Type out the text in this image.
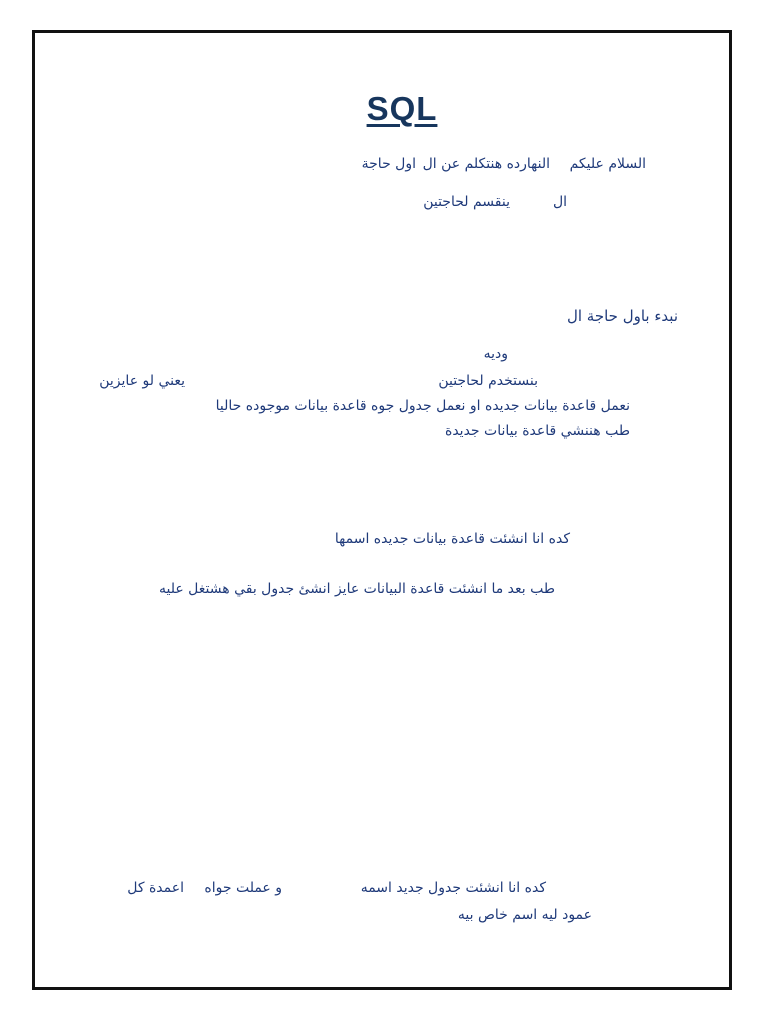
SQL
السلام عليكم
النهارده هنتكلم عن ال
اول حاجة
ال
ينقسم لحاجتين
نبدء باول حاجة ال
وديه
بنستخدم لحاجتين
يعني لو عايزين
نعمل قاعدة بيانات جديده او نعمل جدول جوه قاعدة بيانات موجوده حاليا
طب هننشي قاعدة بيانات جديدة
كده انا انشئت قاعدة بيانات جديده اسمها
طب بعد ما انشئت قاعدة البيانات عايز انشئ جدول بقي هشتغل عليه
كده انا انشئت جدول جديد اسمه
و عملت جواه
اعمدة كل
عمود ليه اسم خاص بيه
